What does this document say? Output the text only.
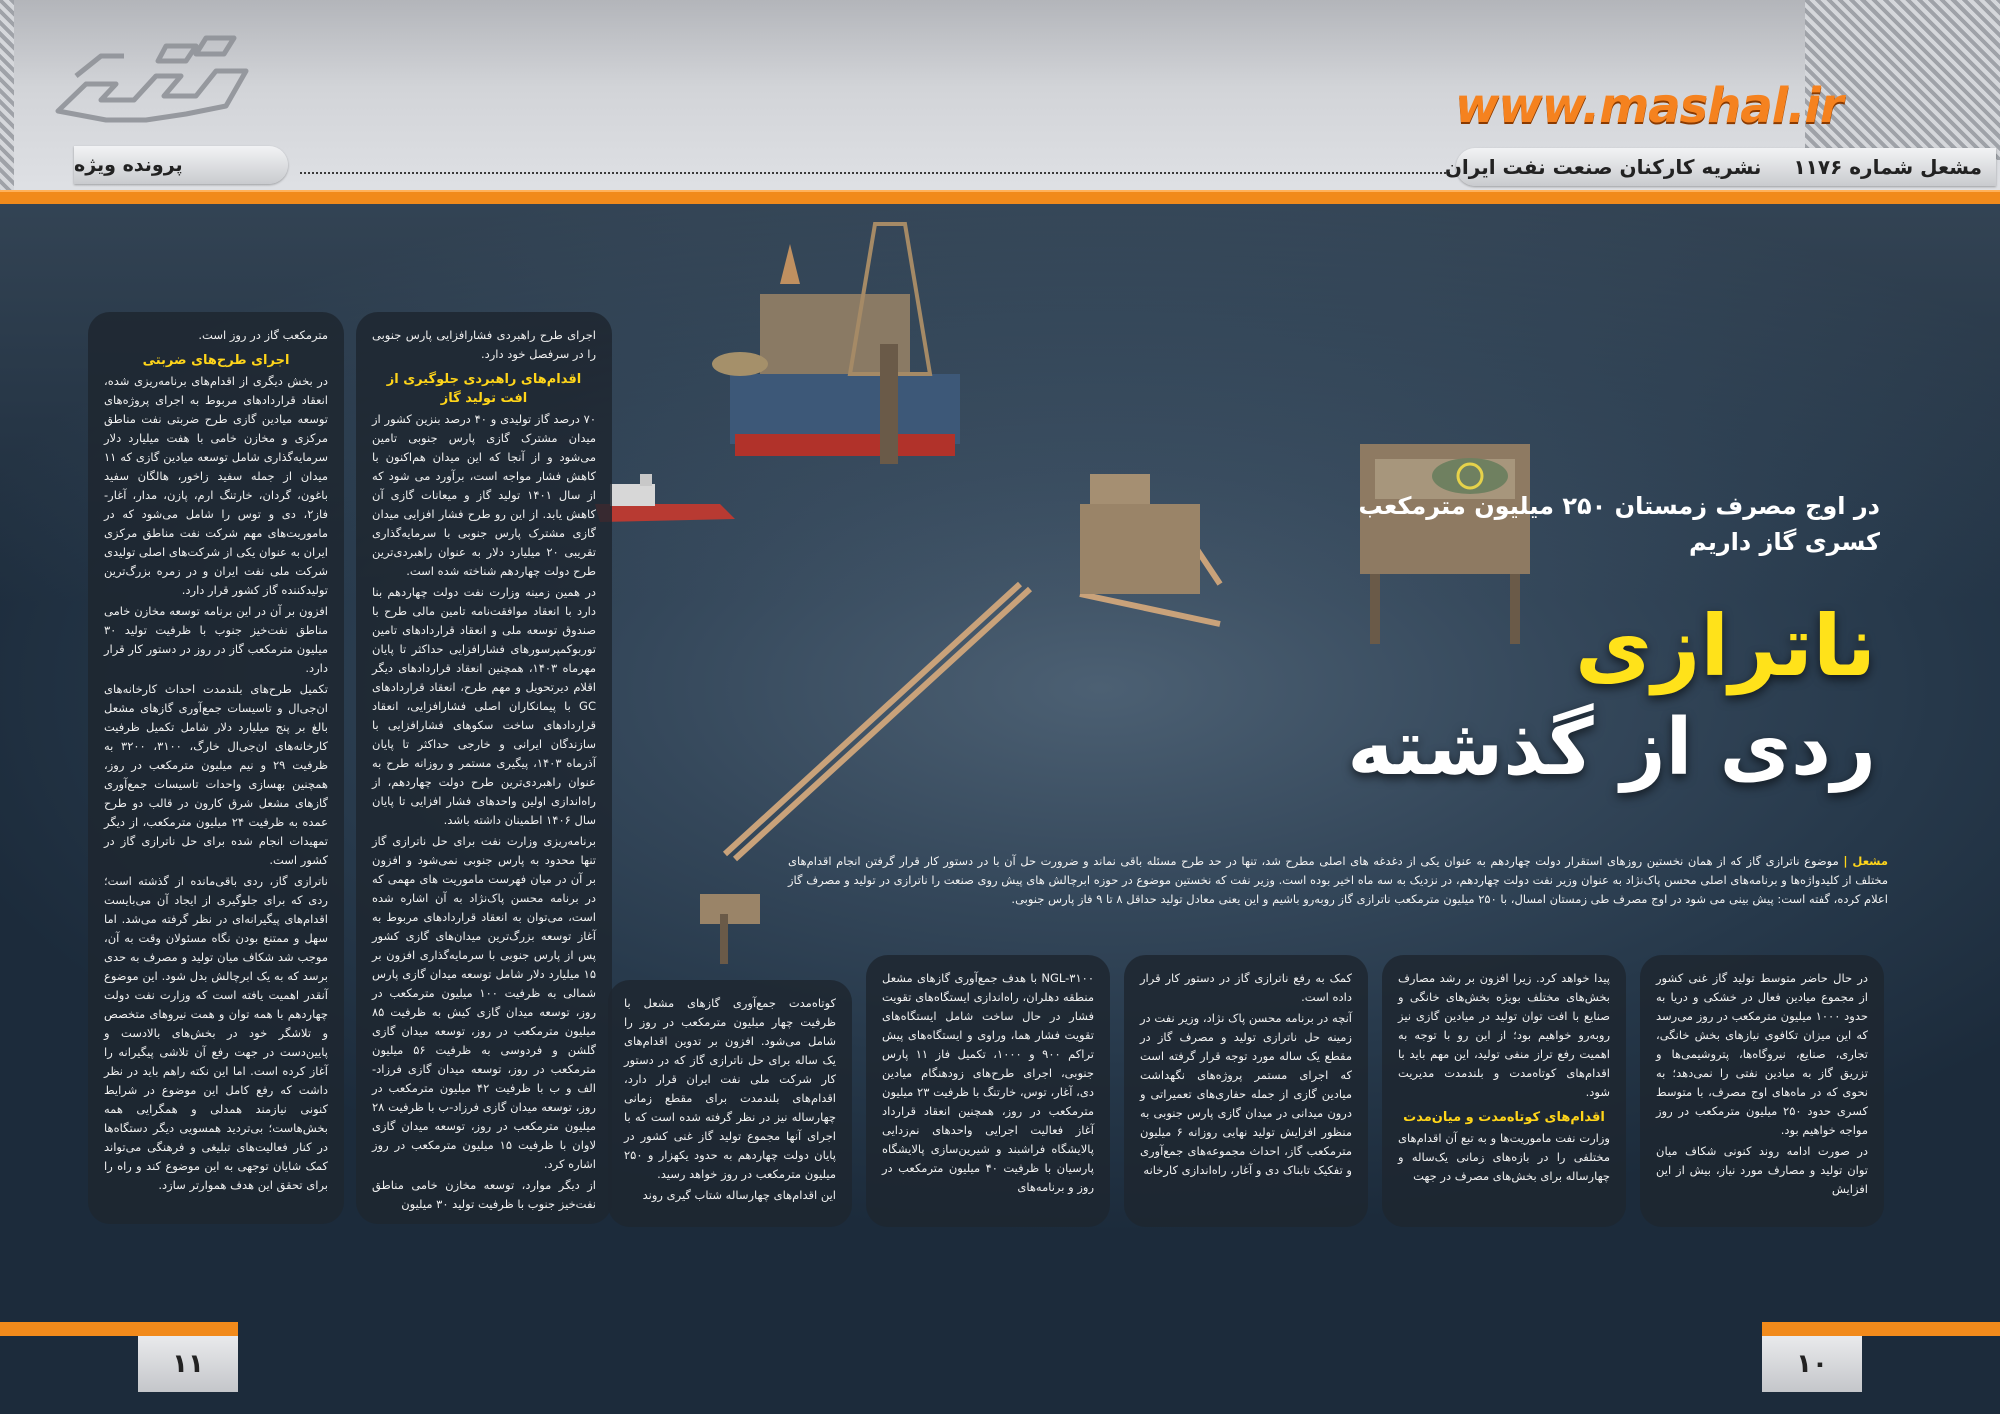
www.mashal.ir
پرونده ویژه	مشعل شماره ۱۱۷۶
نشریه کارکنان صنعت نفت ایران
در اوج مصرف زمستان ۲۵۰ میلیون مترمکعب
کسری گاز داریم
ناترازی
ردی از گذشته
مشعل | موضوع ناترازی گاز که از همان نخستین روزهای استقرار دولت چهاردهم به عنوان یکی از دغدغه های اصلی مطرح شد، تنها در حد طرح مسئله باقی نماند و ضرورت حل آن با در دستور کار قرار گرفتن انجام اقدام‌های مختلف از کلیدواژه‌ها و برنامه‌های اصلی محسن پاک‌نژاد به عنوان وزیر نفت دولت چهاردهم، در نزدیک به سه ماه اخیر بوده است. وزیر نفت که نخستین موضوع در حوزه ابرچالش های پیش روی صنعت را ناترازی در تولید و مصرف گاز اعلام کرده، گفته است: پیش بینی می شود در اوج مصرف طی زمستان امسال، با ۲۵۰ میلیون مترمکعب ناترازی گاز روبه‌رو باشیم و این یعنی معادل تولید حداقل ۸ تا ۹ فاز پارس جنوبی.

اجرای طرح راهبردی فشارافزایی پارس جنوبی را در سرفصل خود دارد.

اقدام‌های راهبردی جلوگیری از افت تولید گاز

۷۰ درصد گاز تولیدی و ۴۰ درصد بنزین کشور از میدان مشترک گازی پارس جنوبی تامین می‌شود و از آنجا که این میدان هم‌اکنون با کاهش فشار مواجه است، برآورد می شود که از سال ۱۴۰۱ تولید گاز و میعانات گازی آن کاهش یابد. از این رو طرح فشار افزایی میدان گازی مشترک پارس جنوبی با سرمایه‌گذاری تقریبی ۲۰ میلیارد دلار به عنوان راهبردی‌ترین طرح دولت چهاردهم شناخته شده است.

در همین زمینه وزارت نفت دولت چهاردهم بنا دارد با انعقاد موافقت‌نامه تامین مالی طرح با صندوق توسعه ملی و انعقاد قراردادهای تامین توربوکمپرسورهای فشارافزایی حداکثر تا پایان مهرماه ۱۴۰۳، همچنین انعقاد قراردادهای دیگر اقلام دیرتحویل و مهم طرح، انعقاد قراردادهای GC با پیمانکاران اصلی فشارافزایی، انعقاد قراردادهای ساخت سکوهای فشارافزایی با سازندگان ایرانی و خارجی حداکثر تا پایان آذرماه ۱۴۰۳، پیگیری مستمر و روزانه طرح به عنوان راهبردی‌ترین طرح دولت چهاردهم، از راه‌اندازی اولین واحدهای فشار افزایی تا پایان سال ۱۴۰۶ اطمینان داشته باشد.

برنامه‌ریزی وزارت نفت برای حل ناترازی گاز تنها محدود به پارس جنوبی نمی‌شود و افزون بر آن در میان فهرست ماموریت های مهمی که در برنامه محسن پاک‌نژاد به آن اشاره شده است، می‌توان به انعقاد قراردادهای مربوط به آغاز توسعه بزرگ‌ترین میدان‌های گازی کشور پس از پارس جنوبی با سرمایه‌گذاری افزون بر ۱۵ میلیارد دلار شامل توسعه میدان گازی پارس شمالی به ظرفیت ۱۰۰ میلیون مترمکعب در روز، توسعه میدان گازی کیش به ظرفیت ۸۵ میلیون مترمکعب در روز، توسعه میدان گازی گلشن و فردوسی به ظرفیت ۵۶ میلیون مترمکعب در روز، توسعه میدان گازی فرزاد-الف و ب با ظرفیت ۴۲ میلیون مترمکعب در روز، توسعه میدان گازی فرزاد-ب با ظرفیت ۲۸ میلیون مترمکعب در روز، توسعه میدان گازی لاوان با ظرفیت ۱۵ میلیون مترمکعب در روز اشاره کرد.

از دیگر موارد، توسعه مخازن خامی مناطق نفت‌خیز جنوب با ظرفیت تولید ۳۰ میلیون

مترمکعب گاز در روز است.

اجرای طرح‌های ضربتی

در بخش دیگری از اقدام‌های برنامه‌ریزی شده، انعقاد قراردادهای مربوط به اجرای پروژه‌های توسعه میادین گازی طرح ضربتی نفت مناطق مرکزی و مخازن خامی با هفت میلیارد دلار سرمایه‌گذاری شامل توسعه میادین گازی که ۱۱ میدان از جمله سفید زاخور، هالگان سفید باغون، گردان، خارتنگ ارم، پازن، مدار، آغار-فاز۲، دی و توس را شامل می‌شود که در ماموریت‌های مهم شرکت نفت مناطق مرکزی ایران به عنوان یکی از شرکت‌های اصلی تولیدی شرکت ملی نفت ایران و در زمره بزرگ‌ترین تولیدکننده گاز کشور قرار دارد.

افزون بر آن در این برنامه توسعه مخازن خامی مناطق نفت‌خیز جنوب با ظرفیت تولید ۳۰ میلیون مترمکعب گاز در روز در دستور کار قرار دارد.

تکمیل طرح‌های بلندمدت احداث کارخانه‌های ان‌جی‌ال و تاسیسات جمع‌آوری گازهای مشعل بالغ بر پنج میلیارد دلار شامل تکمیل ظرفیت کارخانه‌های ان‌جی‌ال خارگ، ۳۱۰۰، ۳۲۰۰ به ظرفیت ۲۹ و نیم میلیون مترمکعب در روز، همچنین بهسازی واحدات تاسیسات جمع‌آوری گازهای مشعل شرق کارون در قالب دو طرح عمده به ظرفیت ۲۴ میلیون مترمکعب، از دیگر تمهیدات انجام شده برای حل ناترازی گاز در کشور است.

ناترازی گاز، ردی باقی‌مانده از گذشته است؛ ردی که برای جلوگیری از ایجاد آن می‌بایست اقدام‌های پیگیرانه‌ای در نظر گرفته می‌شد. اما سهل و ممتنع بودن نگاه مسئولان وقت به آن، موجب شد شکاف میان تولید و مصرف به حدی برسد که به یک ابرچالش بدل شود. این موضوع آنقدر اهمیت یافته است که وزارت نفت دولت چهاردهم با همه توان و همت نیروهای متخصص و تلاشگر خود در بخش‌های بالادست و پایین‌دست در جهت رفع آن تلاشی پیگیرانه را آغاز کرده است. اما این نکته راهم باید در نظر داشت که رفع کامل این موضوع در شرایط کنونی نیازمند همدلی و همگرایی همه بخش‌هاست؛ بی‌تردید همسویی دیگر دستگاه‌ها در کنار فعالیت‌های تبلیغی و فرهنگی می‌تواند کمک شایان توجهی به این موضوع کند و راه را برای تحقق این هدف هموارتر سازد.

در حال حاضر متوسط تولید گاز غنی کشور از مجموع میادین فعال در خشکی و دریا به حدود ۱۰۰۰ میلیون مترمکعب در روز می‌رسد که این میزان تکافوی نیازهای بخش خانگی، تجاری، صنایع، نیروگاه‌ها، پتروشیمی‌ها و تزریق گاز به میادین نفتی را نمی‌دهد؛ به نحوی که در ماه‌های اوج مصرف، با متوسط کسری حدود ۲۵۰ میلیون مترمکعب در روز مواجه خواهیم بود.

در صورت ادامه روند کنونی شکاف میان توان تولید و مصارف مورد نیاز، بیش از این افزایش

پیدا خواهد کرد. زیرا افزون بر رشد مصارف بخش‌های مختلف بویژه بخش‌های خانگی و صنایع با افت توان تولید در میادین گازی نیز روبه‌رو خواهیم بود؛ از این رو با توجه به اهمیت رفع تراز منفی تولید، این مهم باید با اقدام‌های کوتاه‌مدت و بلندمدت مدیریت شود.

اقدام‌های کوتاه‌مدت و میان‌مدت

وزارت نفت ماموریت‌ها و به تبع آن اقدام‌های مختلفی را در بازه‌های زمانی یک‌ساله و چهارساله برای بخش‌های مصرف در جهت

کمک به رفع ناترازی گاز در دستور کار قرار داده است.

آنچه در برنامه محسن پاک نژاد، وزیر نفت در زمینه حل ناترازی تولید و مصرف گاز در مقطع یک ساله مورد توجه قرار گرفته است که اجرای مستمر پروژه‌های نگهداشت میادین گازی از جمله حفاری‌های تعمیراتی و درون میدانی در میدان گازی پارس جنوبی به منظور افزایش تولید نهایی روزانه ۶ میلیون مترمکعب گاز، احداث مجموعه‌های جمع‌آوری و تفکیک تابناک دی و آغار، راه‌اندازی کارخانه

NGL-۳۱۰۰ با هدف جمع‌آوری گازهای مشعل منطقه دهلران، راه‌اندازی ایستگاه‌های تقویت فشار در حال ساخت شامل ایستگاه‌های تقویت فشار هما، وراوی و ایستگاه‌های پیش تراکم ۹۰۰ و ۱۰۰۰، تکمیل فاز ۱۱ پارس جنوبی، اجرای طرح‌های زودهنگام میادین دی، آغار، توس، خارتنگ با ظرفیت ۲۳ میلیون مترمکعب در روز، همچنین انعقاد قرارداد آغاز فعالیت اجرایی واحدهای نم‌زدایی پالایشگاه فراشبند و شیرین‌سازی پالایشگاه پارسیان با ظرفیت ۴۰ میلیون مترمکعب در روز و برنامه‌های

کوتاه‌مدت جمع‌آوری گازهای مشعل با ظرفیت چهار میلیون مترمکعب در روز را شامل می‌شود. افزون بر تدوین اقدام‌های یک ساله برای حل ناترازی گاز که در دستور کار شرکت ملی نفت ایران قرار دارد، اقدام‌های بلندمدت برای مقطع زمانی چهارساله نیز در نظر گرفته شده است که با اجرای آنها مجموع تولید گاز غنی کشور در پایان دولت چهاردهم به حدود یکهزار و ۲۵۰ میلیون مترمکعب در روز خواهد رسید.

این اقدام‌های چهارساله شتاب گیری روند

۱۱	۱۰
